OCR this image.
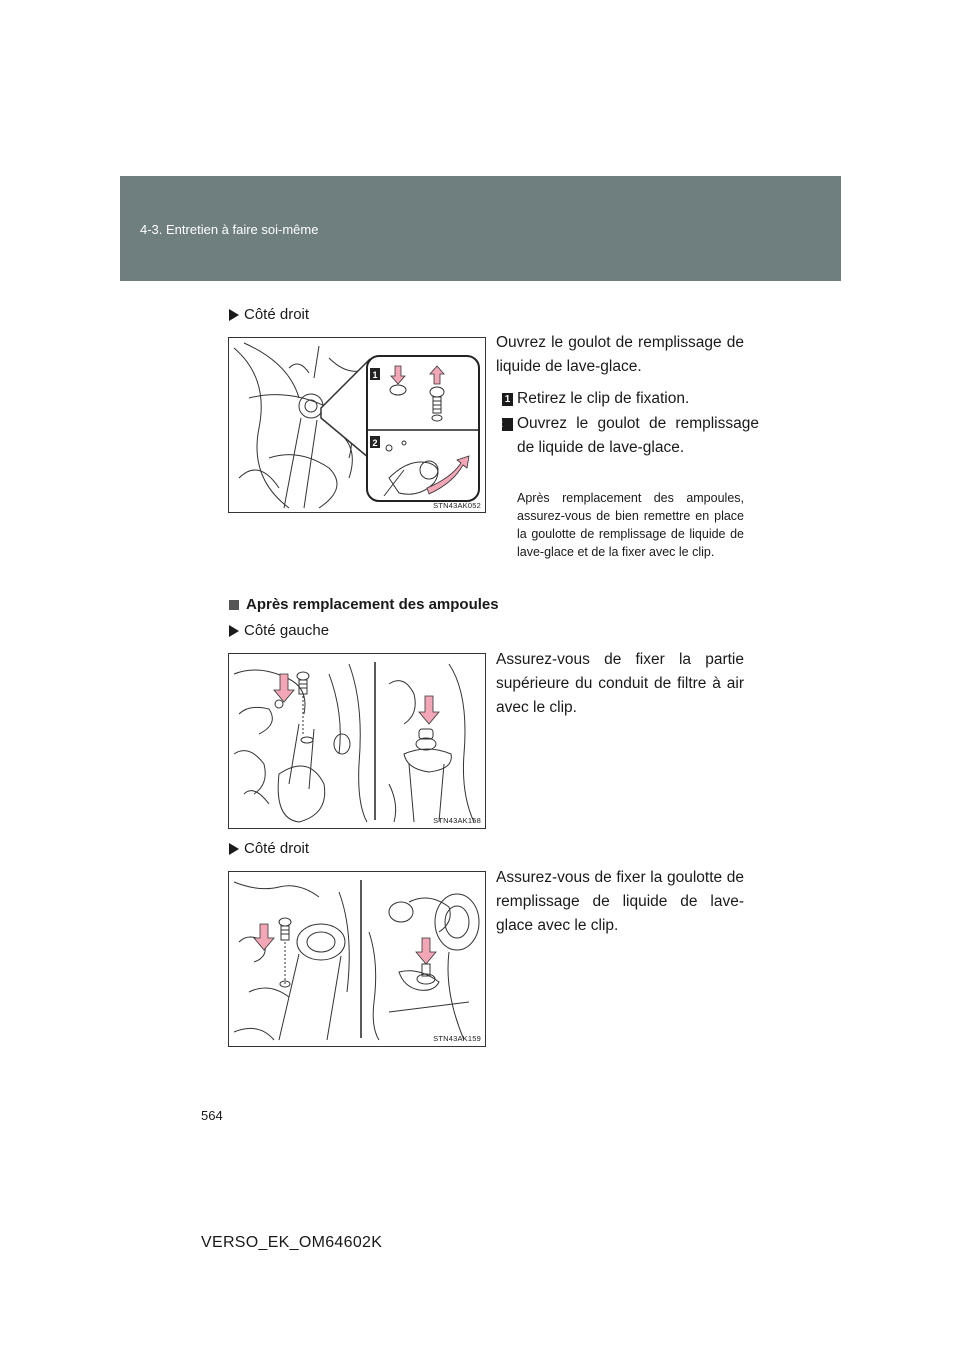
4-3. Entretien à faire soi-même
Côté droit
1
2
STN43AK052
Ouvrez le goulot de remplissage de liquide de lave-glace.
1 Retirez le clip de fixation.
2 Ouvrez le goulot de remplissage de liquide de lave-glace.
Après remplacement des ampoules, assurez-vous de bien remettre en place la goulotte de remplissage de liquide de lave-glace et de la fixer avec le clip.
Après remplacement des ampoules
Côté gauche
STN43AK158
Assurez-vous de fixer la partie supérieure du conduit de filtre à air avec le clip.
Côté droit
STN43AK159
Assurez-vous de fixer la goulotte de remplissage de liquide de lave-glace avec le clip.
564
VERSO_EK_OM64602K
